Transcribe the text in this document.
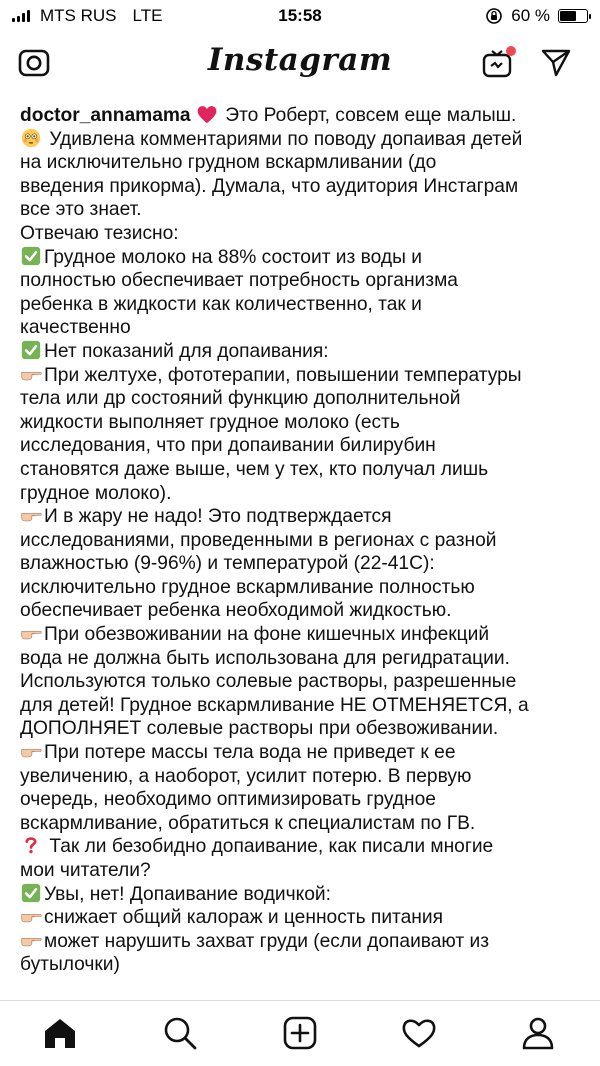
MTS RUS LTE	15:58	60 %
Instagram
doctor_annamama  Это Роберт, совсем еще малыш.
Удивлена комментариями по поводу допаивая детей
на исключительно грудном вскармливании (до
введения прикорма). Думала, что аудитория Инстаграм
все это знает.
Отвечаю тезисно:
Грудное молоко на 88% состоит из воды и
полностью обеспечивает потребность организма
ребенка в жидкости как количественно, так и
качественно
Нет показаний для допаивания:
При желтухе, фототерапии, повышении температуры
тела или др состояний функцию дополнительной
жидкости выполняет грудное молоко (есть
исследования, что при допаивании билирубин
становятся даже выше, чем у тех, кто получал лишь
грудное молоко).
И в жару не надо! Это подтверждается
исследованиями, проведенными в регионах с разной
влажностью (9-96%) и температурой (22-41С):
исключительно грудное вскармливание полностью
обеспечивает ребенка необходимой жидкостью.
При обезвоживании на фоне кишечных инфекций
вода не должна быть использована для регидратации.
Используются только солевые растворы, разрешенные
для детей! Грудное вскармливание НЕ ОТМЕНЯЕТСЯ, а
ДОПОЛНЯЕТ солевые растворы при обезвоживании.
При потере массы тела вода не приведет к ее
увеличению, а наоборот, усилит потерю. В первую
очередь, необходимо оптимизировать грудное
вскармливание, обратиться к специалистам по ГВ.
Так ли безобидно допаивание, как писали многие
мои читатели?
Увы, нет! Допаивание водичкой:
снижает общий калораж и ценность питания
может нарушить захват груди (если допаивают из
бутылочки)
